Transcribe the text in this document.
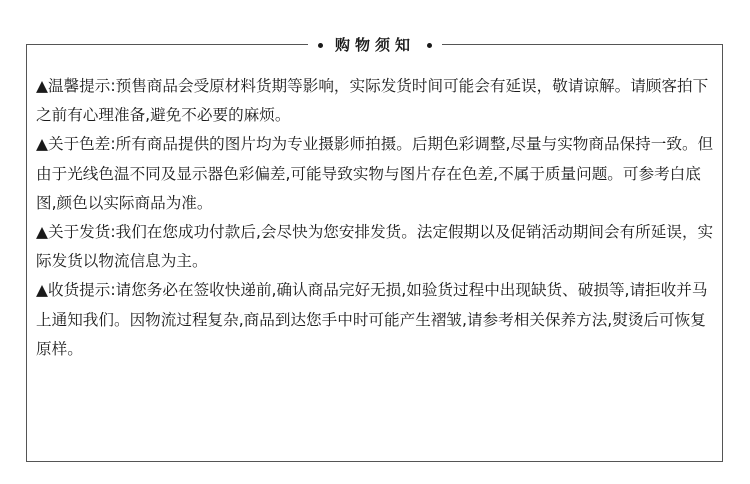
购物须知

▲温馨提示:预售商品会受原材料货期等影响，实际发货时间可能会有延误，敬请谅解。请顾客拍下之前有心理准备,避免不必要的麻烦。

▲关于色差:所有商品提供的图片均为专业摄影师拍摄。后期色彩调整,尽量与实物商品保持一致。但由于光线色温不同及显示器色彩偏差,可能导致实物与图片存在色差,不属于质量问题。可参考白底图,颜色以实际商品为准。

▲关于发货:我们在您成功付款后,会尽快为您安排发货。法定假期以及促销活动期间会有所延误，实际发货以物流信息为主。

▲收货提示:请您务必在签收快递前,确认商品完好无损,如验货过程中出现缺货、破损等,请拒收并马上通知我们。因物流过程复杂,商品到达您手中时可能产生褶皱,请参考相关保养方法,熨烫后可恢复原样。
